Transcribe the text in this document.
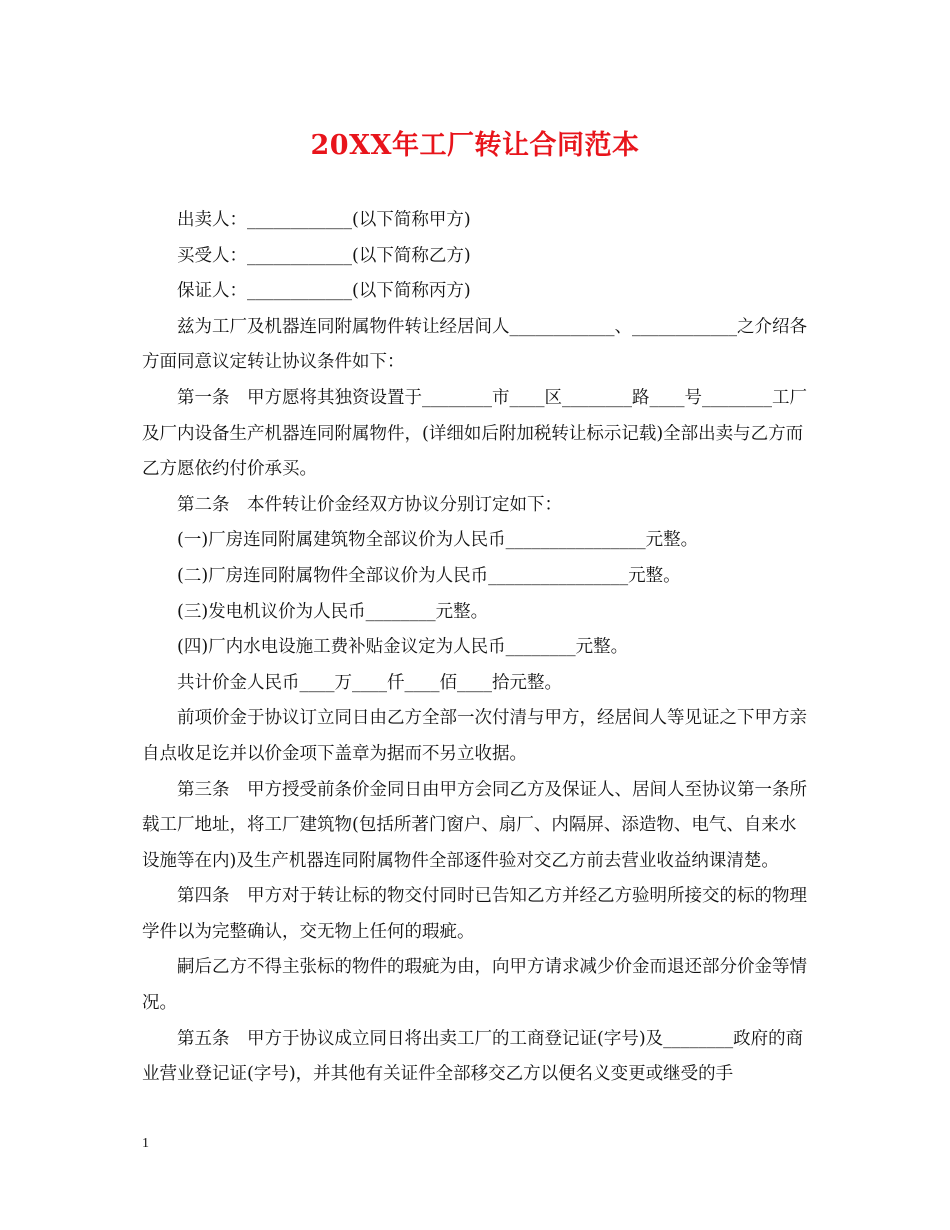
20XX年工厂转让合同范本

出卖人：____________(以下简称甲方)

买受人：____________(以下简称乙方)

保证人：____________(以下简称丙方)

兹为工厂及机器连同附属物件转让经居间人____________、____________之介绍各方面同意议定转让协议条件如下：

第一条　甲方愿将其独资设置于________市____区________路____号________工厂及厂内设备生产机器连同附属物件，(详细如后附加税转让标示记载)全部出卖与乙方而乙方愿依约付价承买。

第二条　本件转让价金经双方协议分别订定如下：

(一)厂房连同附属建筑物全部议价为人民币________________元整。

(二)厂房连同附属物件全部议价为人民币________________元整。

(三)发电机议价为人民币________元整。

(四)厂内水电设施工费补贴金议定为人民币________元整。

共计价金人民币____万____仟____佰____拾元整。

前项价金于协议订立同日由乙方全部一次付清与甲方，经居间人等见证之下甲方亲自点收足讫并以价金项下盖章为据而不另立收据。

第三条　甲方授受前条价金同日由甲方会同乙方及保证人、居间人至协议第一条所载工厂地址，将工厂建筑物(包括所著门窗户、扇厂、内隔屏、添造物、电气、自来水设施等在内)及生产机器连同附属物件全部逐件验对交乙方前去营业收益纳课清楚。

第四条　甲方对于转让标的物交付同时已告知乙方并经乙方验明所接交的标的物理学件以为完整确认，交无物上任何的瑕疵。

嗣后乙方不得主张标的物件的瑕疵为由，向甲方请求减少价金而退还部分价金等情况。

第五条　甲方于协议成立同日将出卖工厂的工商登记证(字号)及________政府的商业营业登记证(字号)，并其他有关证件全部移交乙方以便名义变更或继受的手

1
